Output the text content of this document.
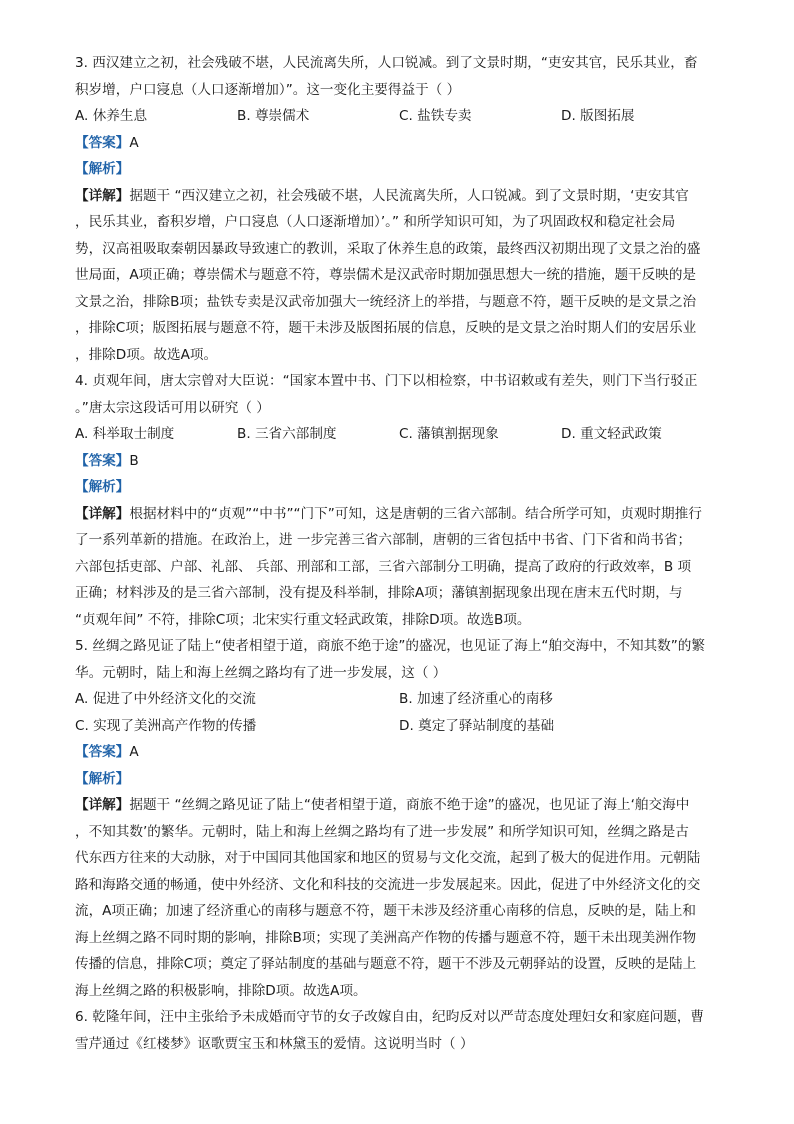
3. 西汉建立之初，社会残破不堪，人民流离失所，人口锐减。到了文景时期，“吏安其官，民乐其业，畜
积岁增，户口寖息（人口逐渐增加）”。这一变化主要得益于（ ）
A. 休养生息	B. 尊崇儒术	C. 盐铁专卖	D. 版图拓展
【答案】A
【解析】
【详解】据题干 “西汉建立之初，社会残破不堪，人民流离失所，人口锐减。到了文景时期，‘吏安其官
，民乐其业，畜积岁增，户口寖息（人口逐渐增加）’。” 和所学知识可知，为了巩固政权和稳定社会局
势，汉高祖吸取秦朝因暴政导致速亡的教训，采取了休养生息的政策，最终西汉初期出现了文景之治的盛
世局面，A项正确；尊崇儒术与题意不符，尊崇儒术是汉武帝时期加强思想大一统的措施，题干反映的是
文景之治，排除B项；盐铁专卖是汉武帝加强大一统经济上的举措，与题意不符，题干反映的是文景之治
，排除C项；版图拓展与题意不符，题干未涉及版图拓展的信息，反映的是文景之治时期人们的安居乐业
，排除D项。故选A项。
4. 贞观年间，唐太宗曾对大臣说：“国家本置中书、门下以相检察，中书诏敕或有差失，则门下当行驳正
。”唐太宗这段话可用以研究（ ）
A. 科举取士制度	B. 三省六部制度	C. 藩镇割据现象	D. 重文轻武政策
【答案】B
【解析】
【详解】根据材料中的“贞观”“中书”“门下”可知，这是唐朝的三省六部制。结合所学可知，贞观时期推行
了一系列革新的措施。在政治上，进 一步完善三省六部制，唐朝的三省包括中书省、门下省和尚书省；
六部包括吏部、户部、礼部、 兵部、刑部和工部，三省六部制分工明确，提高了政府的行政效率，B 项
正确；材料涉及的是三省六部制，没有提及科举制，排除A项；藩镇割据现象出现在唐末五代时期，与
“贞观年间” 不符，排除C项；北宋实行重文轻武政策，排除D项。故选B项。
5. 丝绸之路见证了陆上“使者相望于道，商旅不绝于途”的盛况，也见证了海上“舶交海中，不知其数”的繁
华。元朝时，陆上和海上丝绸之路均有了进一步发展，这（ ）
A. 促进了中外经济文化的交流	B. 加速了经济重心的南移
C. 实现了美洲高产作物的传播	D. 奠定了驿站制度的基础
【答案】A
【解析】
【详解】据题干 “丝绸之路见证了陆上“使者相望于道，商旅不绝于途”的盛况，也见证了海上‘舶交海中
，不知其数’的繁华。元朝时，陆上和海上丝绸之路均有了进一步发展” 和所学知识可知，丝绸之路是古
代东西方往来的大动脉，对于中国同其他国家和地区的贸易与文化交流，起到了极大的促进作用。元朝陆
路和海路交通的畅通，使中外经济、文化和科技的交流进一步发展起来。因此，促进了中外经济文化的交
流，A项正确；加速了经济重心的南移与题意不符，题干未涉及经济重心南移的信息，反映的是，陆上和
海上丝绸之路不同时期的影响，排除B项；实现了美洲高产作物的传播与题意不符，题干未出现美洲作物
传播的信息，排除C项；奠定了驿站制度的基础与题意不符，题干不涉及元朝驿站的设置，反映的是陆上
海上丝绸之路的积极影响，排除D项。故选A项。
6. 乾隆年间，汪中主张给予未成婚而守节的女子改嫁自由，纪昀反对以严苛态度处理妇女和家庭问题，曹
雪芹通过《红楼梦》讴歌贾宝玉和林黛玉的爱情。这说明当时（ ）
